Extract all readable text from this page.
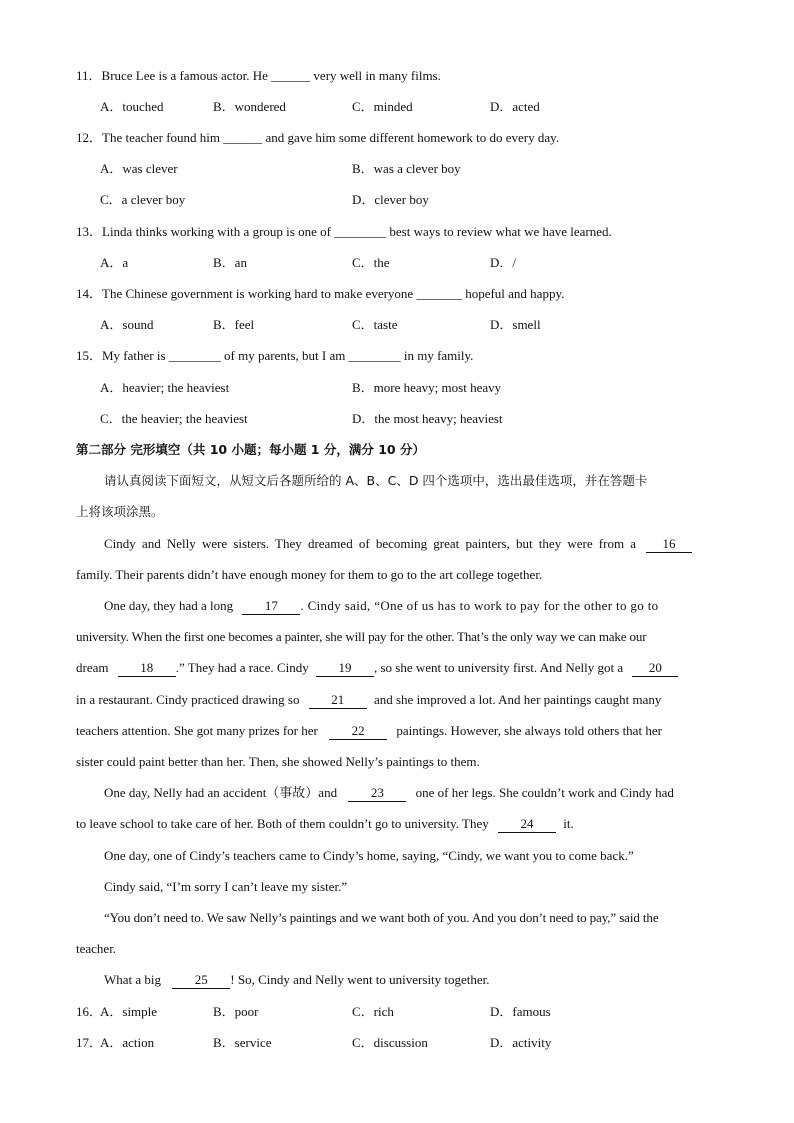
11．Bruce Lee is a famous actor. He ______ very well in many films.
A．touched	B．wondered	C．minded	D．acted
12．The teacher found him ______ and gave him some different homework to do every day.
A．was clever	B．was a clever boy
C．a clever boy	D．clever boy
13．Linda thinks working with a group is one of ________ best ways to review what we have learned.
A．a	B．an	C．the	D．/
14．The Chinese government is working hard to make everyone _______ hopeful and happy.
A．sound	B．feel	C．taste	D．smell
15．My father is ________ of my parents, but I am ________ in my family.
A．heavier; the heaviest	B．more heavy; most heavy
C．the heavier; the heaviest	D．the most heavy; heaviest
第二部分 完形填空（共 10 小题；每小题 1 分，满分 10 分）
请认真阅读下面短文，从短文后各题所给的 A、B、C、D 四个选项中，选出最佳选项，并在答题卡
上将该项涂黑。
Cindy and Nelly were sisters. They dreamed of becoming great painters, but they were from a 16
family. Their parents didn’t have enough money for them to go to the art college together.
One day, they had a long 17 . Cindy said, “One of us has to work to pay for the other to go to
university. When the first one becomes a painter, she will pay for the other. That’s the only way we can make our
dream 18 .” They had a race. Cindy 19 , so she went to university first. And Nelly got a 20
in a restaurant. Cindy practiced drawing so 21 and she improved a lot. And her paintings caught many
teachers attention. She got many prizes for her	22 paintings. However, she always told others that her
sister could paint better than her. Then, she showed Nelly’s paintings to them.
One day, Nelly had an accident（事故）and	23 one of her legs. She couldn’t work and Cindy had
to leave school to take care of her. Both of them couldn’t go to university. They 24 it.
One day, one of Cindy’s teachers came to Cindy’s home, saying, “Cindy, we want you to come back.”
Cindy said, “I’m sorry I can’t leave my sister.”
“You don’t need to. We saw Nelly’s paintings and we want both of you. And you don’t need to pay,” said the
teacher.
What a big	25 ! So, Cindy and Nelly went to university together.
16．
A．simple	B．poor	C．rich	D．famous
17．
A．action	B．service	C．discussion	D．activity
